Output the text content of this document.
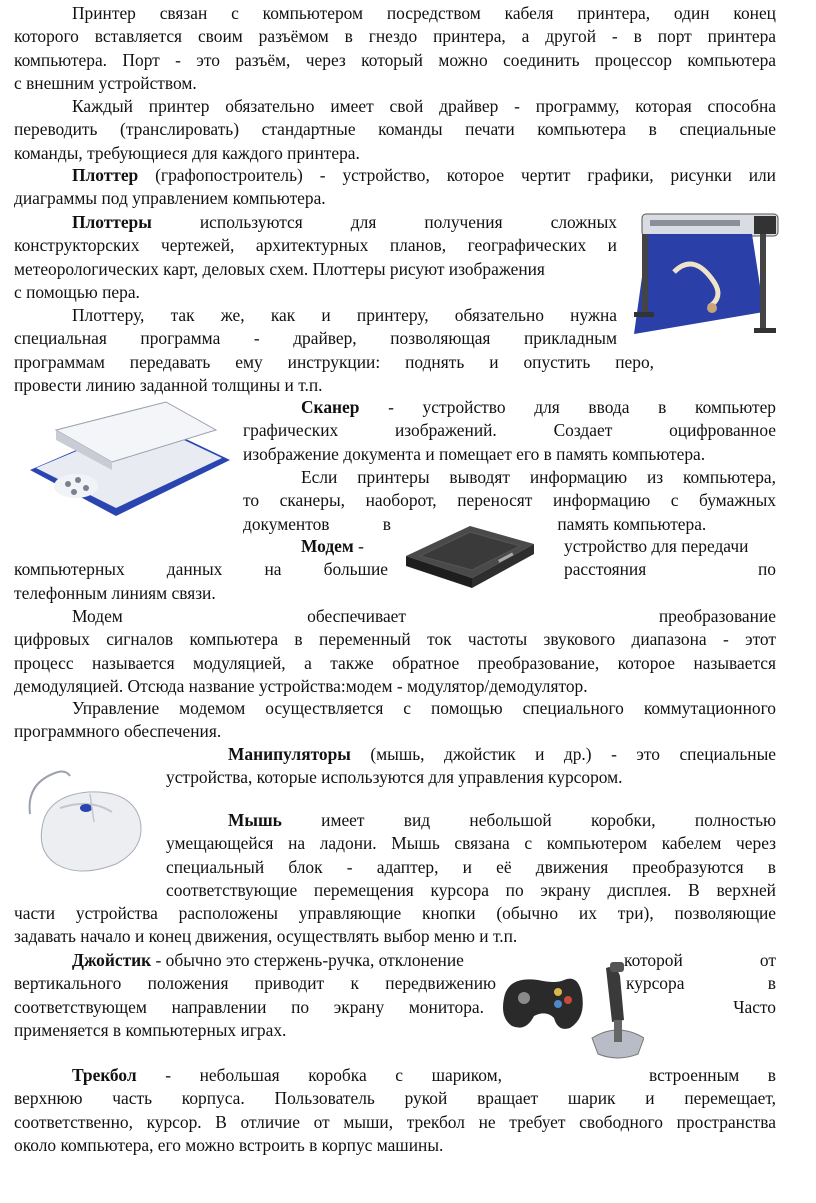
Принтер связан с компьютером посредством кабеля принтера, один конец
которого вставляется своим разъёмом в гнездо принтера, а другой - в порт принтера
компьютера. Порт - это разъём, через который можно соединить процессор компьютера
с внешним устройством.
Каждый принтер обязательно имеет свой драйвер - программу, которая способна
переводить (транслировать) стандартные команды печати компьютера в специальные
команды, требующиеся для каждого принтера.
Плоттер (графопостроитель) - устройство, которое чертит графики, рисунки или
диаграммы под управлением компьютера.
Плоттеры используются для получения сложных
конструкторских чертежей, архитектурных планов, географических и
метеорологических карт, деловых схем. Плоттеры рисуют изображения
с помощью пера.
Плоттеру, так же, как и принтеру, обязательно нужна
специальная программа - драйвер, позволяющая прикладным
программам передавать ему инструкции: поднять и опустить перо,
провести линию заданной толщины и т.п.
Сканер - устройство для ввода в компьютер
графических изображений. Создает оцифрованное
изображение документа и помещает его в память компьютера.
Если принтеры выводят информацию из компьютера,
то сканеры, наоборот, переносят информацию с бумажных
документов в	память компьютера.
Модем -	устройство для передачи
компьютерных данных на большие	расстояния по
телефонным линиям связи.
Модем обеспечивает	преобразование
цифровых сигналов компьютера в переменный ток частоты звукового диапазона - этот
процесс называется модуляцией, а также обратное преобразование, которое называется
демодуляцией. Отсюда название устройства:модем - модулятор/демодулятор.
Управление модемом осуществляется с помощью специального коммутационного
программного обеспечения.
Манипуляторы (мышь, джойстик и др.) - это специальные
устройства, которые используются для управления курсором.
Мышь имеет вид небольшой коробки, полностью
умещающейся на ладони. Мышь связана с компьютером кабелем через
специальный блок - адаптер, и её движения преобразуются в
соответствующие перемещения курсора по экрану дисплея. В верхней
части устройства расположены управляющие кнопки (обычно их три), позволяющие
задавать начало и конец движения, осуществлять выбор меню и т.п.
Джойстик - обычно это стержень-ручка, отклонение	которой от
вертикального положения приводит к передвижению	курсора в
соответствующем направлении по экрану монитора.	Часто
применяется в компьютерных играх.
Трекбол - небольшая коробка с шариком,	встроенным в
верхнюю часть корпуса. Пользователь рукой вращает шарик и перемещает,
соответственно, курсор. В отличие от мыши, трекбол не требует свободного пространства
около компьютера, его можно встроить в корпус машины.
